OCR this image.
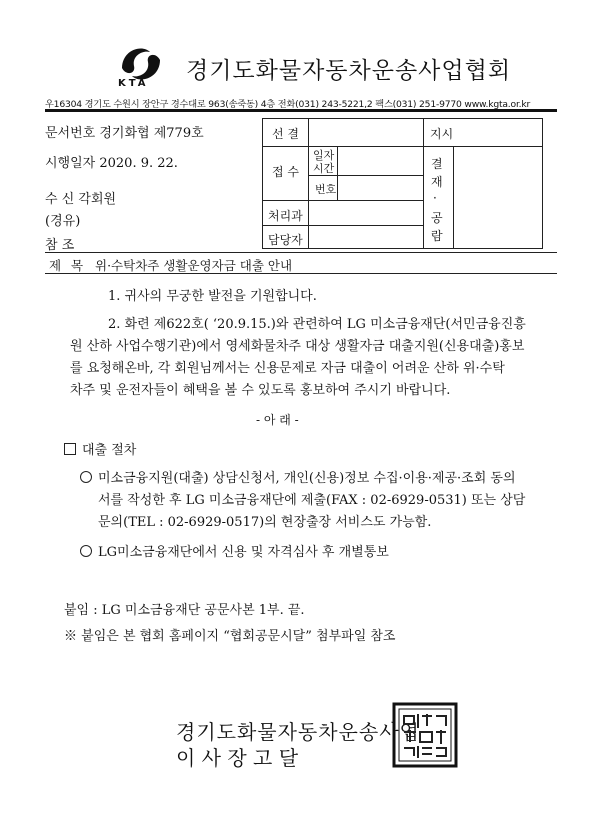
KTA 경기도화물자동차운송사업협회
우16304 경기도 수원시 장안구 경수대로 963(송죽동) 4층 전화(031) 243-5221,2 팩스(031) 251-9770 www.kgta.or.kr
문서번호 경기화협 제779호
시행일자 2020. 9. 22.
수 신 각회원
(경유)
참 조
선 결	지시
접 수
일자
시간
번호
처리과
담당자
결
재
·
공
람
제 목 위·수탁차주 생활운영자금 대출 안내
1. 귀사의 무궁한 발전을 기원합니다.
2. 화련 제622호( ‘20.9.15.)와 관련하여 LG 미소금융재단(서민금융진흥
원 산하 사업수행기관)에서 영세화물차주 대상 생활자금 대출지원(신용대출)홍보
를 요청해온바, 각 회원님께서는 신용문제로 자금 대출이 어려운 산하 위·수탁
차주 및 운전자들이 혜택을 볼 수 있도록 홍보하여 주시기 바랍니다.
- 아 래 -
대출 절차
미소금융지원(대출) 상담신청서, 개인(신용)정보 수집·이용·제공·조회 동의
서를 작성한 후 LG 미소금융재단에 제출(FAX : 02-6929-0531) 또는 상담
문의(TEL : 02-6929-0517)의 현장출장 서비스도 가능함.
LG미소금융재단에서 신용 및 자격심사 후 개별통보
붙임 : LG 미소금융재단 공문사본 1부. 끝.
※ 붙임은 본 협회 홈페이지 “협회공문시달” 첨부파일 참조
경기도화물자동차운송사업
이 사 장 고 달
